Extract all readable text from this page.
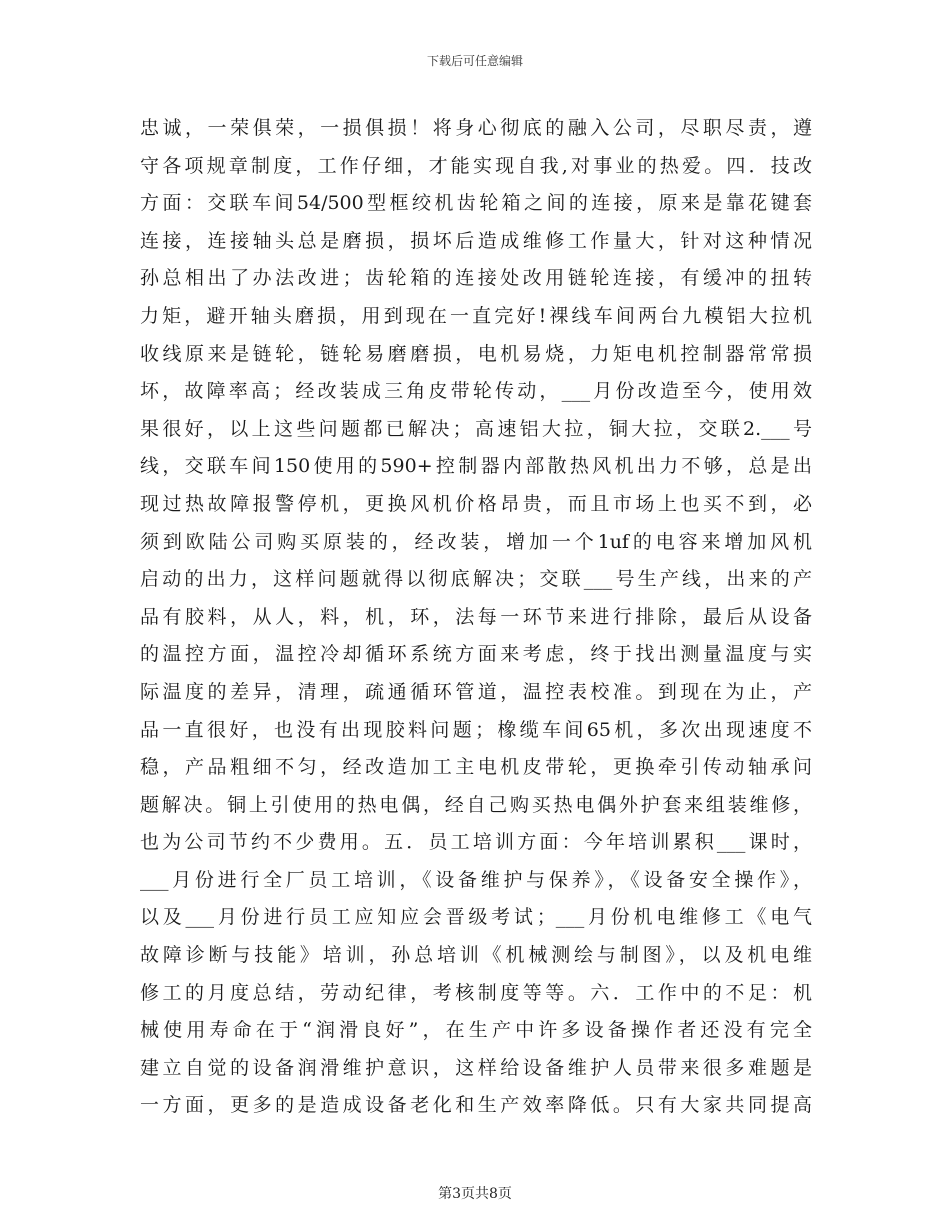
下载后可任意编辑
忠诚，一荣俱荣，一损俱损！将身心彻底的融入公司，尽职尽责，遵
守各项规章制度，工作仔细，才能实现自我,对事业的热爱。四．技改
方面：交联车间54/500型框绞机齿轮箱之间的连接，原来是靠花键套
连接，连接轴头总是磨损，损坏后造成维修工作量大，针对这种情况
孙总相出了办法改进；齿轮箱的连接处改用链轮连接，有缓冲的扭转
力矩，避开轴头磨损，用到现在一直完好!裸线车间两台九模铝大拉机
收线原来是链轮，链轮易磨磨损，电机易烧，力矩电机控制器常常损
坏，故障率高；经改装成三角皮带轮传动，___月份改造至今，使用效
果很好，以上这些问题都已解决；高速铝大拉，铜大拉，交联2.___号
线，交联车间150使用的590+控制器内部散热风机出力不够，总是出
现过热故障报警停机，更换风机价格昂贵，而且市场上也买不到，必
须到欧陆公司购买原装的，经改装，增加一个1uf的电容来增加风机
启动的出力，这样问题就得以彻底解决；交联___号生产线，出来的产
品有胶料，从人，料，机，环，法每一环节来进行排除，最后从设备
的温控方面，温控冷却循环系统方面来考虑，终于找出测量温度与实
际温度的差异，清理，疏通循环管道，温控表校准。到现在为止，产
品一直很好，也没有出现胶料问题；橡缆车间65机，多次出现速度不
稳，产品粗细不匀，经改造加工主电机皮带轮，更换牵引传动轴承问
题解决。铜上引使用的热电偶，经自己购买热电偶外护套来组装维修，
也为公司节约不少费用。五．员工培训方面：今年培训累积___课时，
___月份进行全厂员工培训，《设备维护与保养》，《设备安全操作》，
以及___月份进行员工应知应会晋级考试；___月份机电维修工《电气
故障诊断与技能》培训，孙总培训《机械测绘与制图》，以及机电维
修工的月度总结，劳动纪律，考核制度等等。六．工作中的不足：机
械使用寿命在于“润滑良好”，在生产中许多设备操作者还没有完全
建立自觉的设备润滑维护意识，这样给设备维护人员带来很多难题是
一方面，更多的是造成设备老化和生产效率降低。只有大家共同提高
第3页共8页
